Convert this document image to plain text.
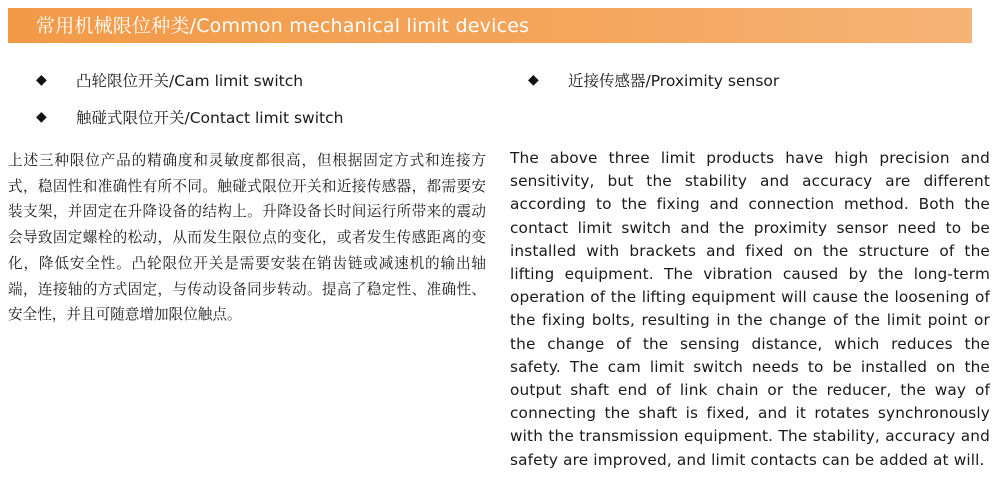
常用机械限位种类/Common mechanical limit devices
◆	凸轮限位开关/Cam limit switch
◆	触碰式限位开关/Contact limit switch
◆	近接传感器/Proximity sensor

上述三种限位产品的精确度和灵敏度都很高，但根据固定方式和连接方式，稳固性和准确性有所不同。触碰式限位开关和近接传感器，都需要安装支架，并固定在升降设备的结构上。升降设备长时间运行所带来的震动会导致固定螺栓的松动，从而发生限位点的变化，或者发生传感距离的变化，降低安全性。凸轮限位开关是需要安装在销齿链或减速机的输出轴端，连接轴的方式固定，与传动设备同步转动。提高了稳定性、准确性、安全性，并且可随意增加限位触点。

The above three limit products have high precision and sensitivity, but the stability and accuracy are different according to the fixing and connection method. Both the contact limit switch and the proximity sensor need to be installed with brackets and fixed on the structure of the lifting equipment. The vibration caused by the long-term operation of the lifting equipment will cause the loosening of the fixing bolts, resulting in the change of the limit point or the change of the sensing distance, which reduces the safety. The cam limit switch needs to be installed on the output shaft end of link chain or the reducer, the way of connecting the shaft is fixed, and it rotates synchronously with the transmission equipment. The stability, accuracy and safety are improved, and limit contacts can be added at will.
